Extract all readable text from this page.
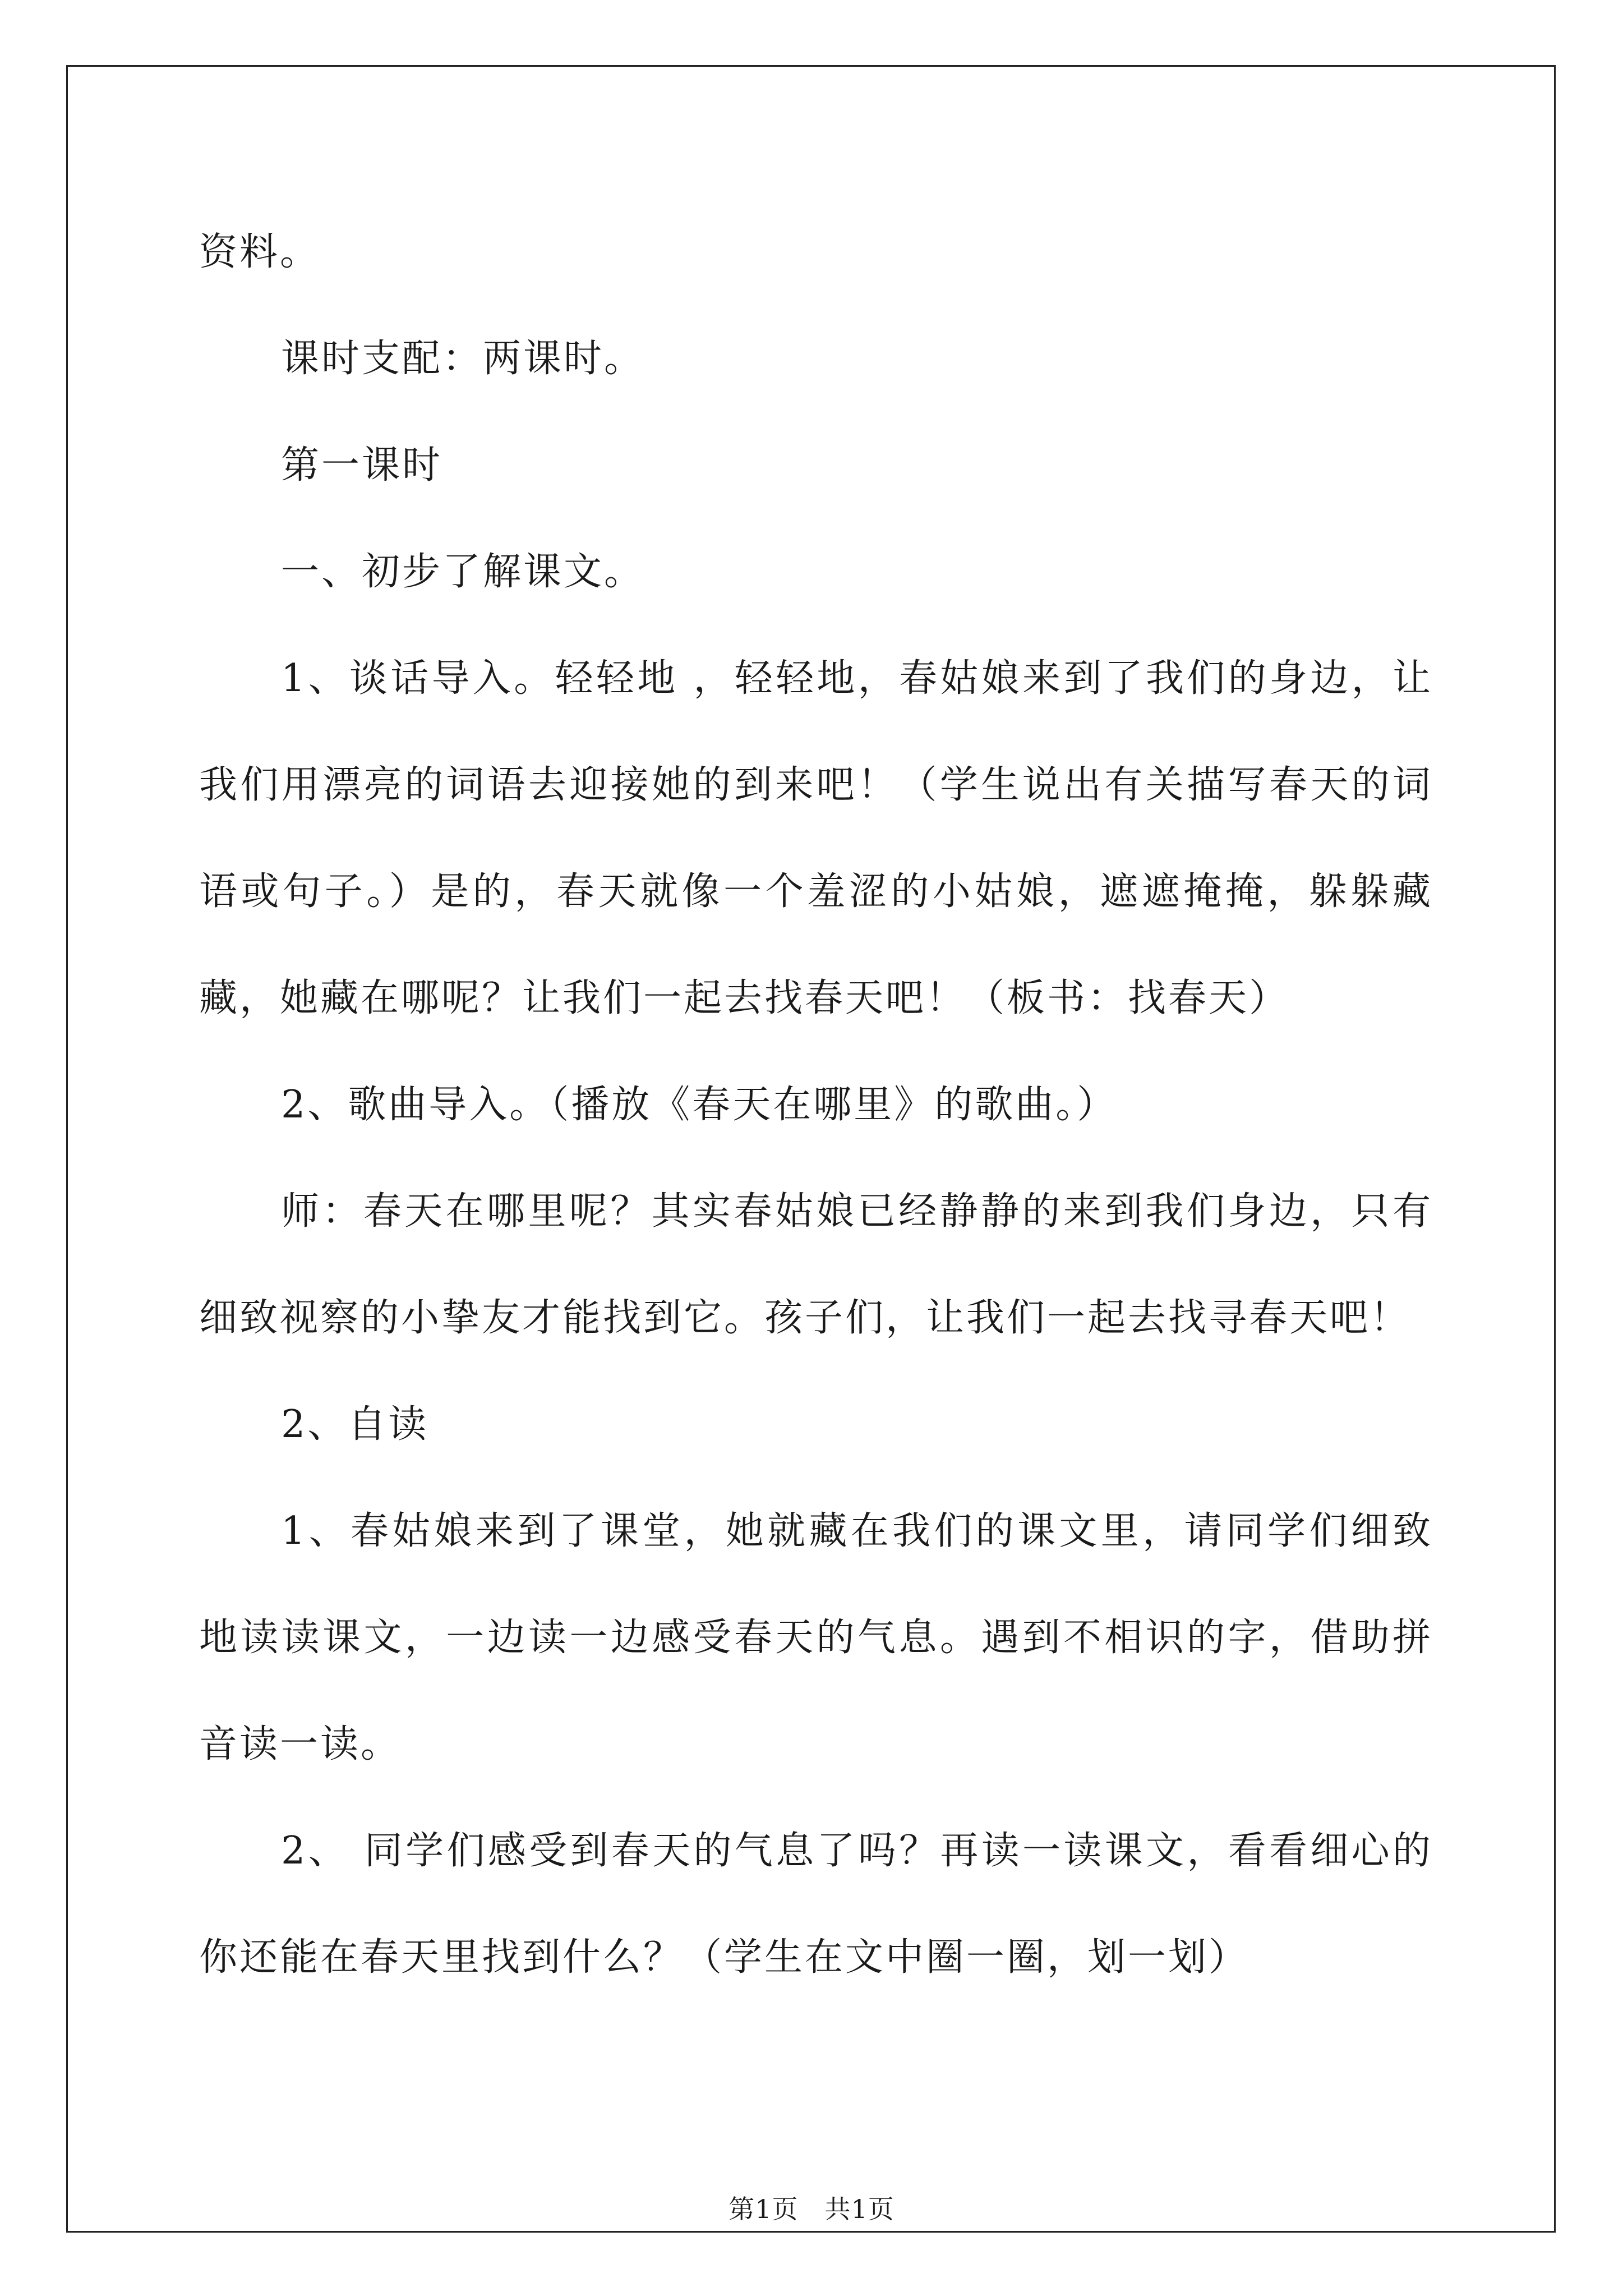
资料。

课时支配：两课时。

第一课时

一、初步了解课文。

1、谈话导入。轻轻地 ，轻轻地，春姑娘来到了我们的身边，让我们用漂亮的词语去迎接她的到来吧！（学生说出有关描写春天的词语或句子。）是的，春天就像一个羞涩的小姑娘，遮遮掩掩，躲躲藏藏，她藏在哪呢？让我们一起去找春天吧！（板书：找春天）

2、歌曲导入。（播放《春天在哪里》的歌曲。）

师：春天在哪里呢？其实春姑娘已经静静的来到我们身边，只有细致视察的小挚友才能找到它。孩子们，让我们一起去找寻春天吧！

2、自读

1、春姑娘来到了课堂，她就藏在我们的课文里，请同学们细致地读读课文，一边读一边感受春天的气息。遇到不相识的字，借助拼音读一读。

2、 同学们感受到春天的气息了吗？再读一读课文，看看细心的你还能在春天里找到什么？（学生在文中圈一圈，划一划）

第1页　共1页
